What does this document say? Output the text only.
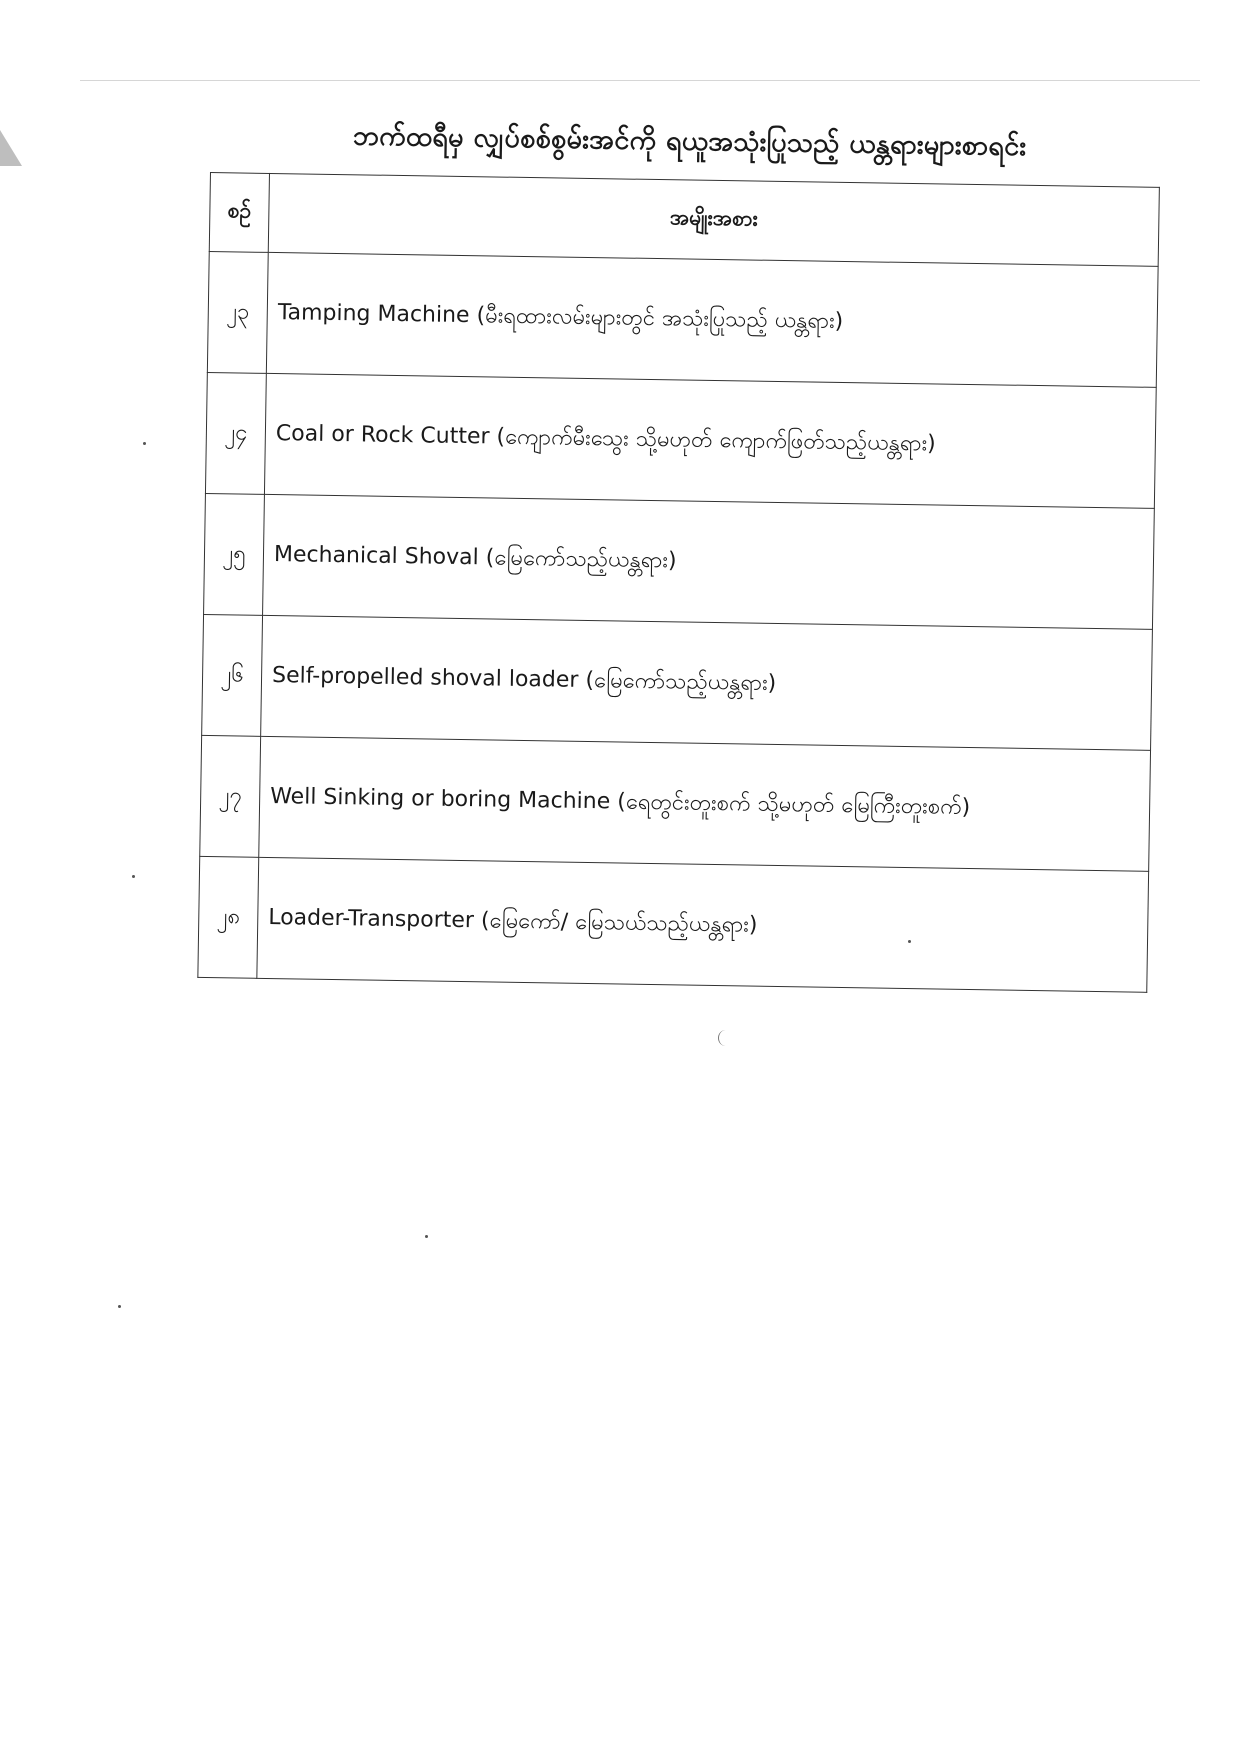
ဘက်ထရီမှ လျှပ်စစ်စွမ်းအင်ကို ရယူအသုံးပြုသည့် ယန္တရားများစာရင်း
စဉ်	အမျိုးအစား
၂၃	Tamping Machine (မီးရထားလမ်းများတွင် အသုံးပြုသည့် ယန္တရား)
၂၄	Coal or Rock Cutter (ကျောက်မီးသွေး သို့မဟုတ် ကျောက်ဖြတ်သည့်ယန္တရား)
၂၅	Mechanical Shoval (မြေကော်သည့်ယန္တရား)
၂၆	Self-propelled shoval loader (မြေကော်သည့်ယန္တရား)
၂၇	Well Sinking or boring Machine (ရေတွင်းတူးစက် သို့မဟုတ် မြေကြီးတူးစက်)
၂၈	Loader-Transporter (မြေကော်/ မြေသယ်သည့်ယန္တရား)
